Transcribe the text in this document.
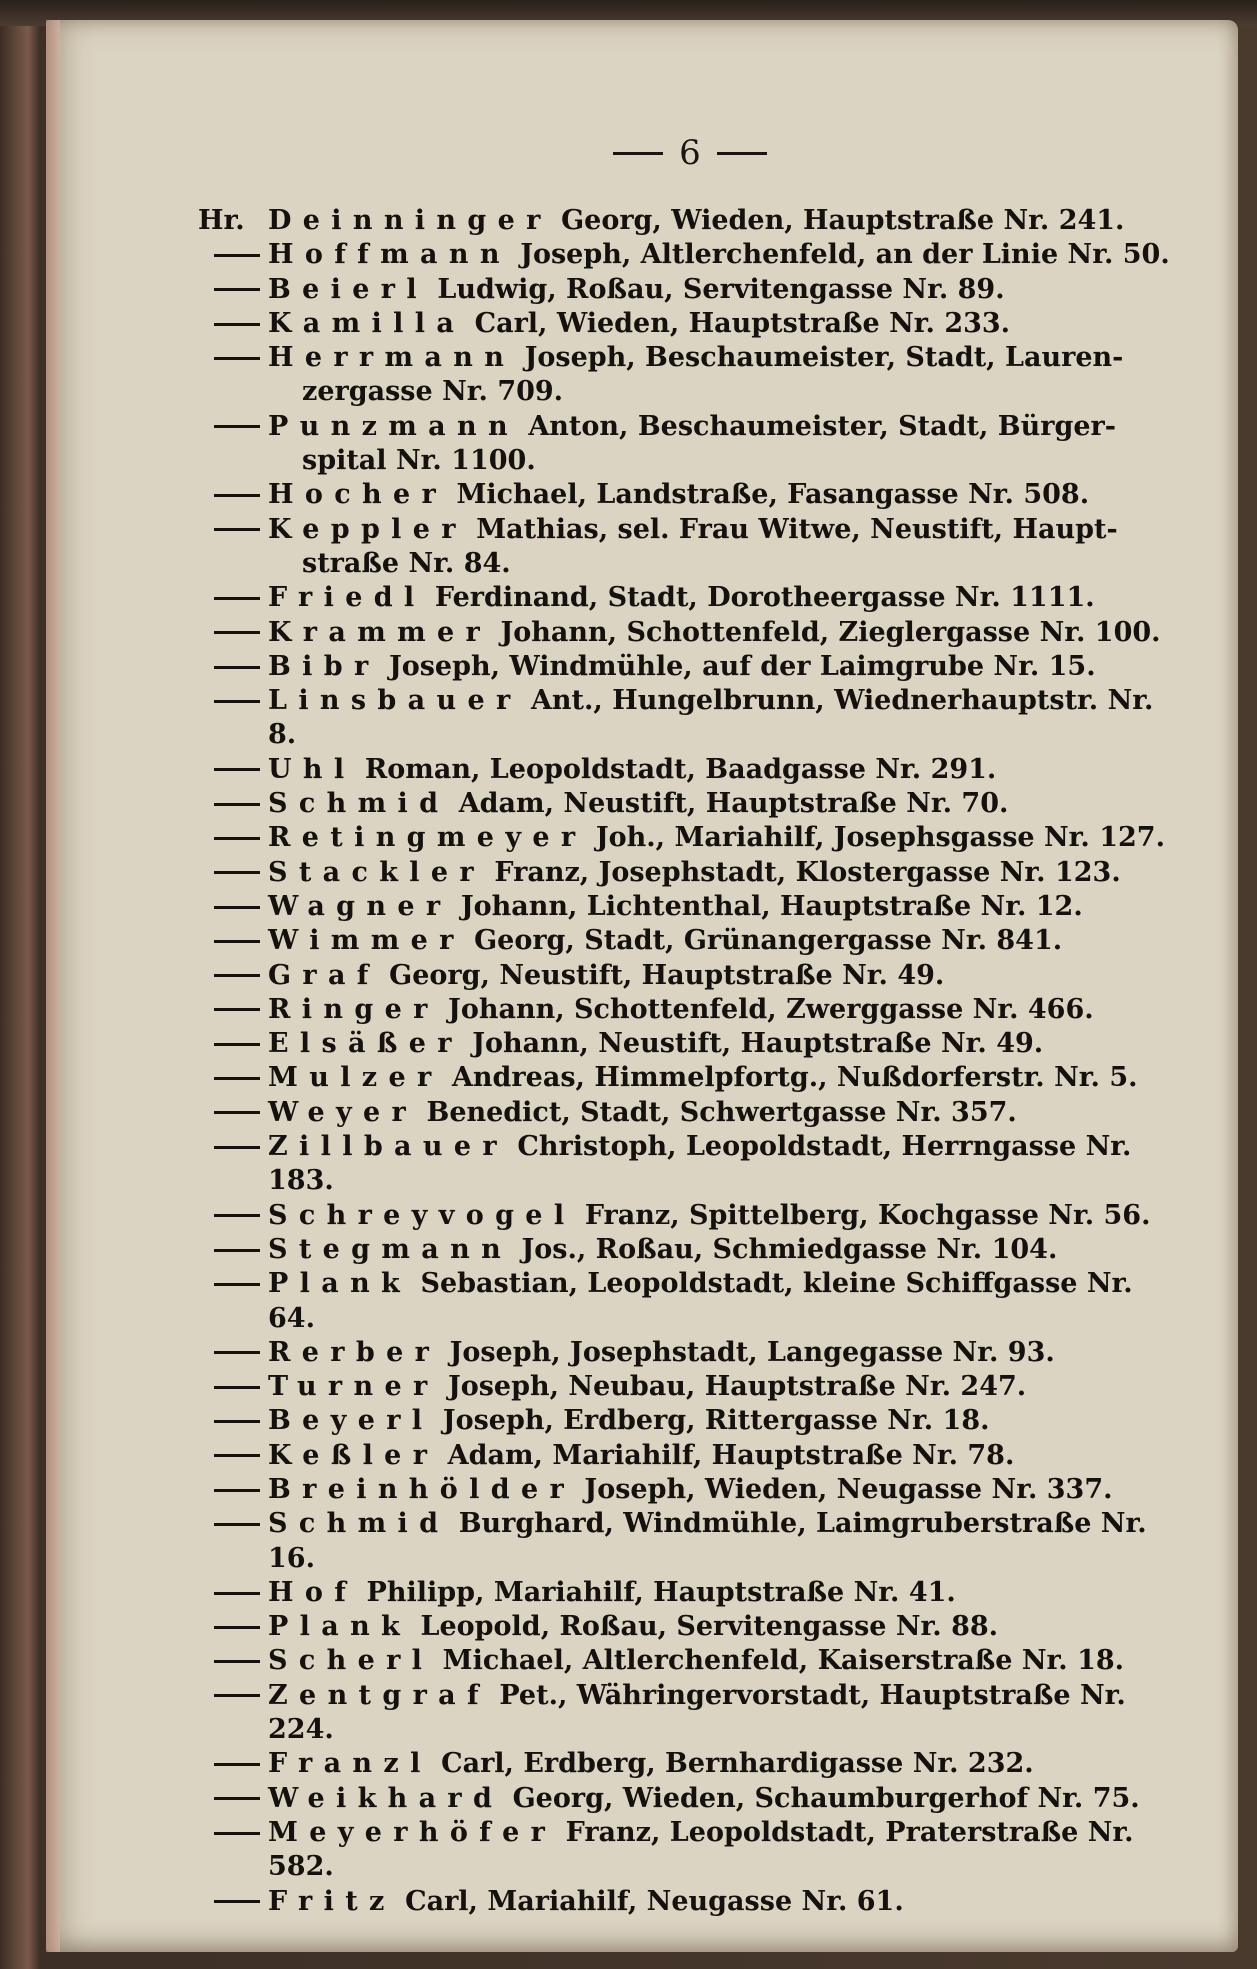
6
Hr. Deinninger Georg, Wieden, Hauptstraße Nr. 241.
Hoffmann Joseph, Altlerchenfeld, an der Linie Nr. 50.
Beierl Ludwig, Roßau, Servitengasse Nr. 89.
Kamilla Carl, Wieden, Hauptstraße Nr. 233.
Herrmann Joseph, Beschaumeister, Stadt, Lauren-
zergasse Nr. 709.
Punzmann Anton, Beschaumeister, Stadt, Bürger-
spital Nr. 1100.
Hocher Michael, Landstraße, Fasangasse Nr. 508.
Keppler Mathias, sel. Frau Witwe, Neustift, Haupt-
straße Nr. 84.
Friedl Ferdinand, Stadt, Dorotheergasse Nr. 1111.
Krammer Johann, Schottenfeld, Zieglergasse Nr. 100.
Bibr Joseph, Windmühle, auf der Laimgrube Nr. 15.
Linsbauer Ant., Hungelbrunn, Wiednerhauptstr. Nr. 8.
Uhl Roman, Leopoldstadt, Baadgasse Nr. 291.
Schmid Adam, Neustift, Hauptstraße Nr. 70.
Retingmeyer Joh., Mariahilf, Josephsgasse Nr. 127.
Stackler Franz, Josephstadt, Klostergasse Nr. 123.
Wagner Johann, Lichtenthal, Hauptstraße Nr. 12.
Wimmer Georg, Stadt, Grünangergasse Nr. 841.
Graf Georg, Neustift, Hauptstraße Nr. 49.
Ringer Johann, Schottenfeld, Zwerggasse Nr. 466.
Elsäßer Johann, Neustift, Hauptstraße Nr. 49.
Mulzer Andreas, Himmelpfortg., Nußdorferstr. Nr. 5.
Weyer Benedict, Stadt, Schwertgasse Nr. 357.
Zillbauer Christoph, Leopoldstadt, Herrngasse Nr. 183.
Schreyvogel Franz, Spittelberg, Kochgasse Nr. 56.
Stegmann Jos., Roßau, Schmiedgasse Nr. 104.
Plank Sebastian, Leopoldstadt, kleine Schiffgasse Nr. 64.
Rerber Joseph, Josephstadt, Langegasse Nr. 93.
Turner Joseph, Neubau, Hauptstraße Nr. 247.
Beyerl Joseph, Erdberg, Rittergasse Nr. 18.
Keßler Adam, Mariahilf, Hauptstraße Nr. 78.
Breinhölder Joseph, Wieden, Neugasse Nr. 337.
Schmid Burghard, Windmühle, Laimgruberstraße Nr. 16.
Hof Philipp, Mariahilf, Hauptstraße Nr. 41.
Plank Leopold, Roßau, Servitengasse Nr. 88.
Scherl Michael, Altlerchenfeld, Kaiserstraße Nr. 18.
Zentgraf Pet., Währingervorstadt, Hauptstraße Nr. 224.
Franzl Carl, Erdberg, Bernhardigasse Nr. 232.
Weikhard Georg, Wieden, Schaumburgerhof Nr. 75.
Meyerhöfer Franz, Leopoldstadt, Praterstraße Nr. 582.
Fritz Carl, Mariahilf, Neugasse Nr. 61.
